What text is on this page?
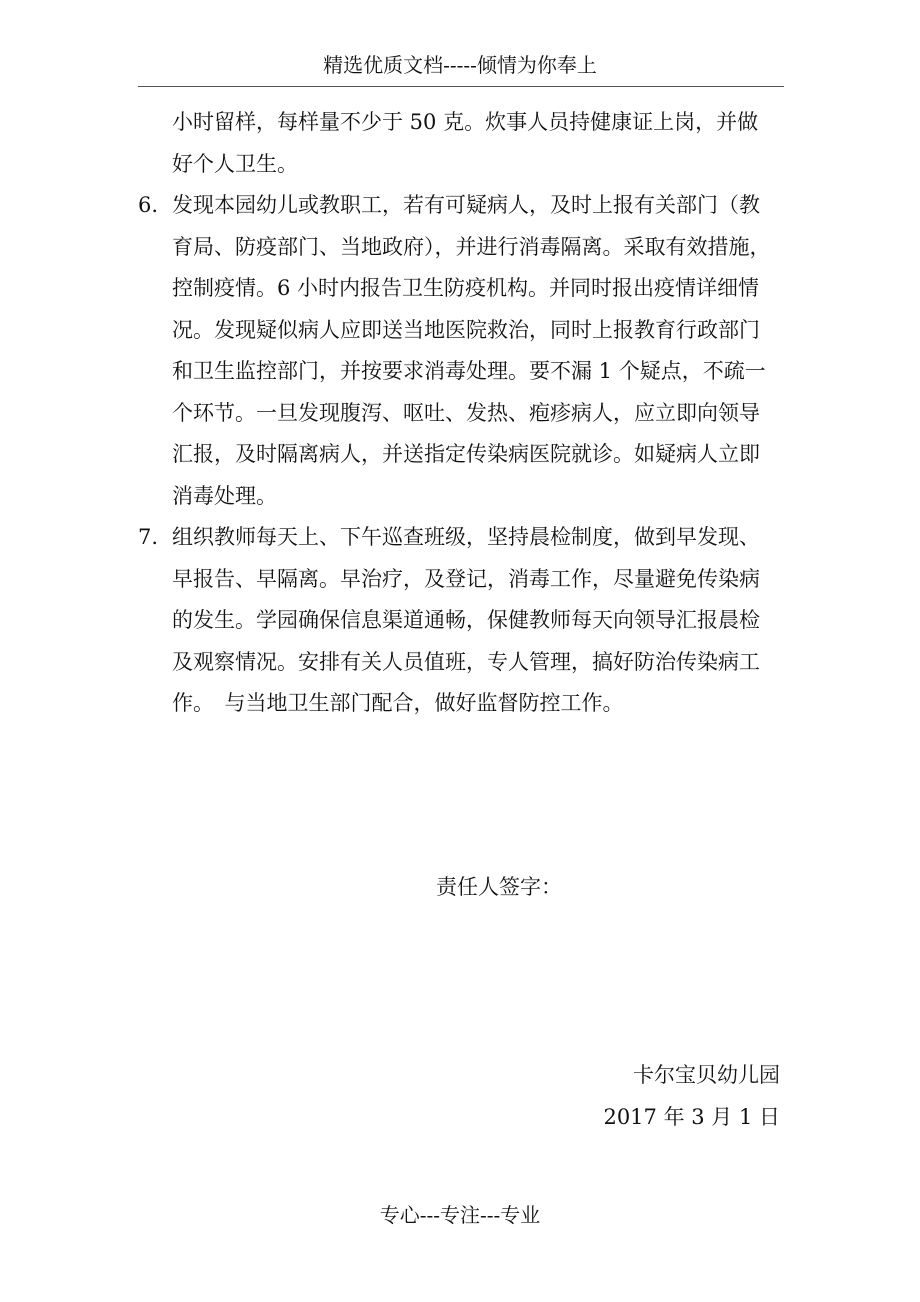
精选优质文档-----倾情为你奉上
小时留样，每样量不少于 50 克。炊事人员持健康证上岗，并做
好个人卫生。
6. 发现本园幼儿或教职工，若有可疑病人，及时上报有关部门（教
育局、防疫部门、当地政府），并进行消毒隔离。采取有效措施，
控制疫情。6 小时内报告卫生防疫机构。并同时报出疫情详细情
况。发现疑似病人应即送当地医院救治，同时上报教育行政部门
和卫生监控部门，并按要求消毒处理。要不漏 1 个疑点，不疏一
个环节。一旦发现腹泻、呕吐、发热、疱疹病人，应立即向领导
汇报，及时隔离病人，并送指定传染病医院就诊。如疑病人立即
消毒处理。
7. 组织教师每天上、下午巡查班级，坚持晨检制度，做到早发现、
早报告、早隔离。早治疗，及登记，消毒工作，尽量避免传染病
的发生。学园确保信息渠道通畅，保健教师每天向领导汇报晨检
及观察情况。安排有关人员值班，专人管理，搞好防治传染病工
作。　与当地卫生部门配合，做好监督防控工作。
责任人签字：
卡尔宝贝幼儿园
2017 年 3 月 1 日
专心---专注---专业
